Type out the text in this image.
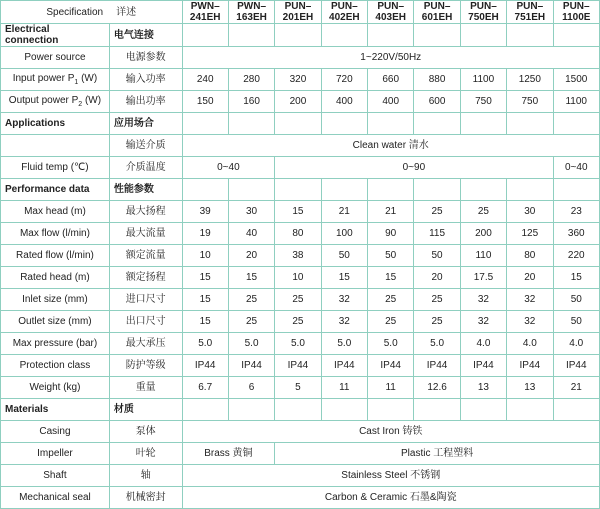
Specification 详述		PWN–241EH	PWN–163EH	PUN–201EH	PUN–402EH	PUN–403EH	PUN–601EH	PUN–750EH	PUN–751EH	PUN–1100E
Electrical connection	电气连接									
Power source	电源参数	1~220V/50Hz								
Input power $P_1$ (W)	输入功率	240	280	320	720	660	880	1100	1250	1500
Output power $P_2$ (W)	输出功率	150	160	200	400	400	600	750	750	1100
Applications	应用场合									
	输送介质	Clean water 清水								
Fluid temp (℃)	介质温度	0~40		0~90						0~40
Performance data	性能参数									
Max head (m)	最大扬程	39	30	15	21	21	25	25	30	23
Max flow (l/min)	最大流量	19	40	80	100	90	115	200	125	360
Rated flow (l/min)	额定流量	10	20	38	50	50	50	110	80	220
Rated head (m)	额定扬程	15	15	10	15	15	20	17.5	20	15
Inlet size (mm)	进口尺寸	15	25	25	32	25	25	32	32	50
Outlet size (mm)	出口尺寸	15	25	25	32	25	25	32	32	50
Max pressure (bar)	最大承压	5.0	5.0	5.0	5.0	5.0	5.0	4.0	4.0	4.0
Protection class	防护等级	IP44	IP44	IP44	IP44	IP44	IP44	IP44	IP44	IP44
Weight (kg)	重量	6.7	6	5	11	11	12.6	13	13	21
Materials	材质									
Casing	泵体	Cast Iron 铸铁								
Impeller	叶轮	Brass 黄铜		Plastic 工程塑料						
Shaft	轴	Stainless Steel 不锈钢								
Mechanical seal	机械密封	Carbon & Ceramic 石墨&陶瓷								
